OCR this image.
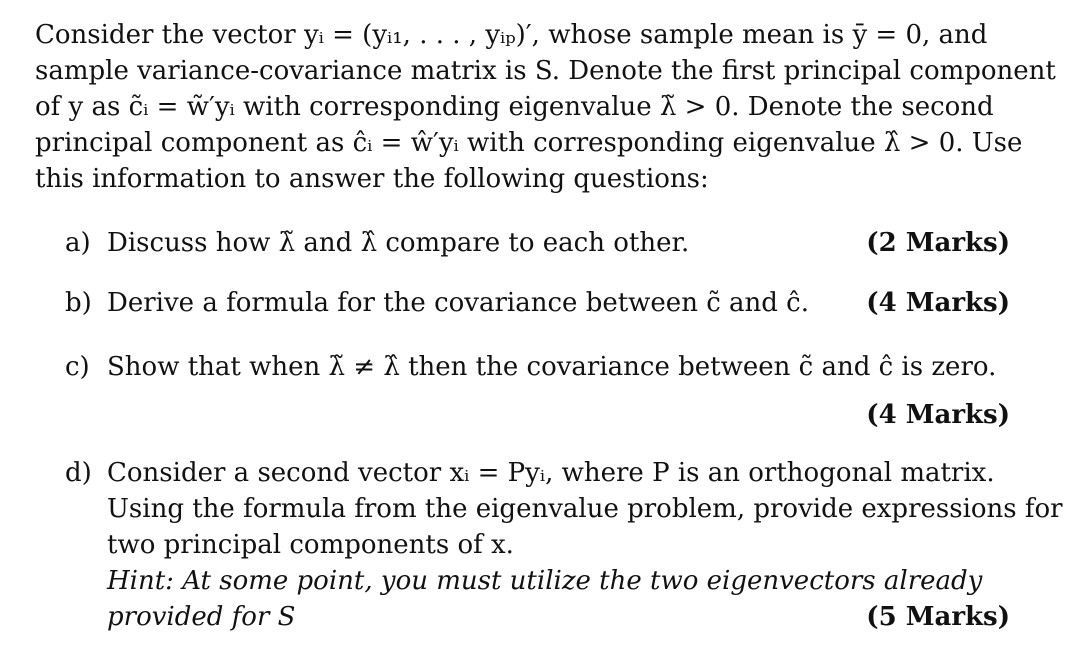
Consider the vector yᵢ = (yᵢ₁, . . . , yᵢₚ)′, whose sample mean is ȳ = 0, and
sample variance-covariance matrix is S. Denote the first principal component
of y as c̃ᵢ = w̃′yᵢ with corresponding eigenvalue λ̃ > 0. Denote the second
principal component as ĉᵢ = ŵ′yᵢ with corresponding eigenvalue λ̂ > 0. Use
this information to answer the following questions:

a) Discuss how λ̃ and λ̂ compare to each other.	(2 Marks)
b) Derive a formula for the covariance between c̃ and ĉ.	(4 Marks)
c) Show that when λ̃ ≠ λ̂ then the covariance between c̃ and ĉ is zero.
(4 Marks)
d) Consider a second vector xᵢ = Pyᵢ, where P is an orthogonal matrix.
Using the formula from the eigenvalue problem, provide expressions for
two principal components of x.
Hint: At some point, you must utilize the two eigenvectors already
provided for S	(5 Marks)
